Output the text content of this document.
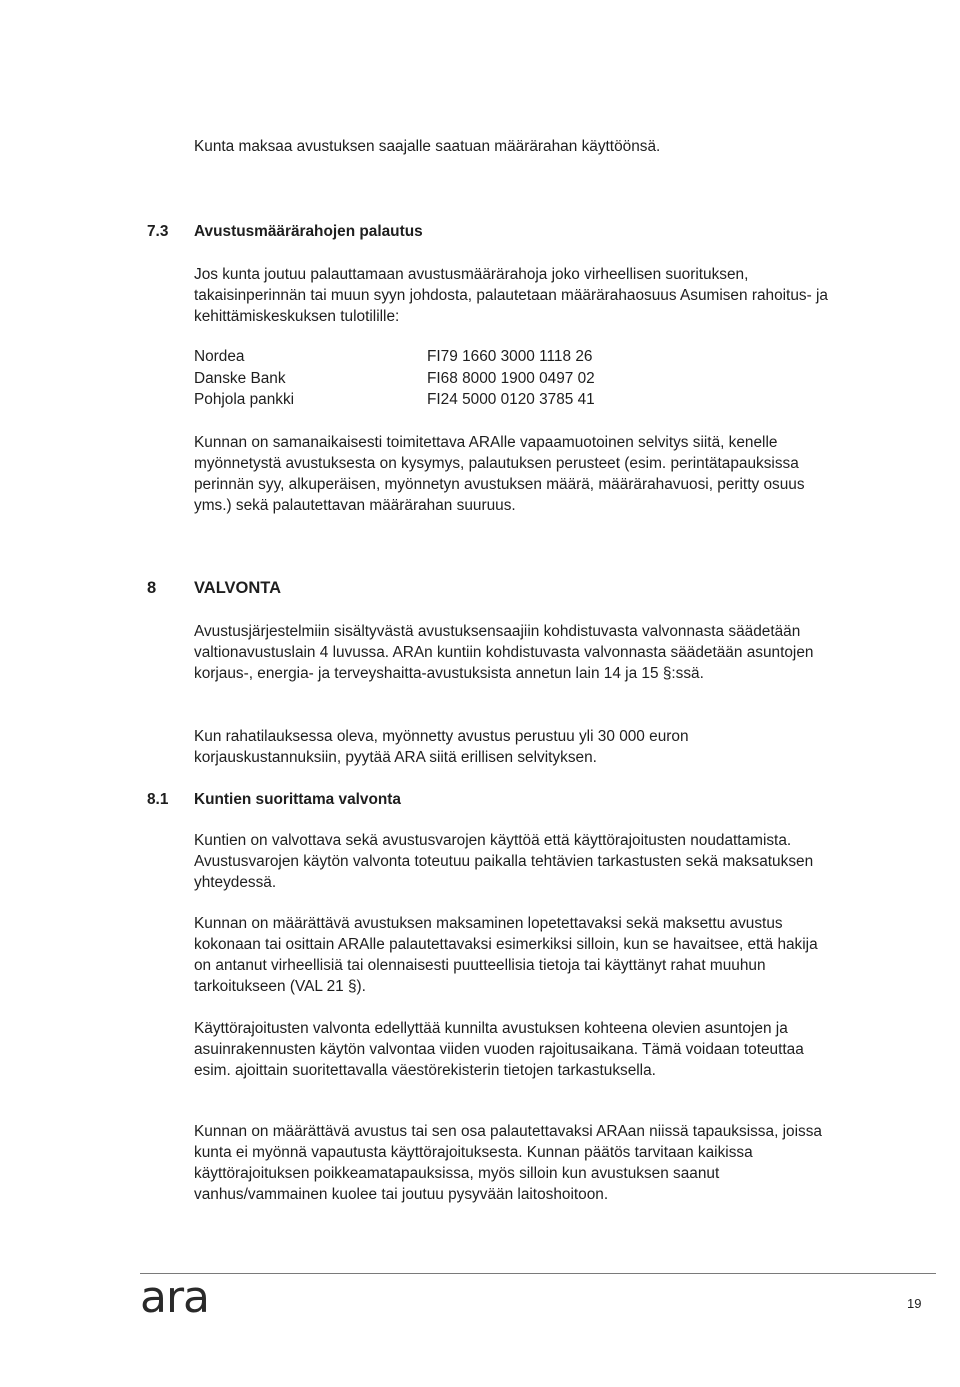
Kunta maksaa avustuksen saajalle saatuan määrärahan käyttöönsä.

7.3 Avustusmäärärahojen palautus

Jos kunta joutuu palauttamaan avustusmäärärahoja joko virheellisen suorituksen, takaisinperinnän tai muun syyn johdosta, palautetaan määrärahaosuus Asumisen rahoitus- ja kehittämiskeskuksen tulotilille:

Nordea	FI79 1660 3000 1118 26
Danske Bank	FI68 8000 1900 0497 02
Pohjola pankki	FI24 5000 0120 3785 41

Kunnan on samanaikaisesti toimitettava ARAlle vapaamuotoinen selvitys siitä, kenelle myönnetystä avustuksesta on kysymys, palautuksen perusteet (esim. perintätapauksissa perinnän syy, alkuperäisen, myönnetyn avustuksen määrä, määrärahavuosi, peritty osuus yms.) sekä palautettavan määrärahan suuruus.

8 VALVONTA

Avustusjärjestelmiin sisältyvästä avustuksensaajiin kohdistuvasta valvonnasta säädetään valtionavustuslain 4 luvussa. ARAn kuntiin kohdistuvasta valvonnasta säädetään asuntojen korjaus-, energia- ja terveyshaitta-avustuksista annetun lain 14 ja 15 §:ssä.

Kun rahatilauksessa oleva, myönnetty avustus perustuu yli 30 000 euron korjauskustannuksiin, pyytää ARA siitä erillisen selvityksen.

8.1 Kuntien suorittama valvonta

Kuntien on valvottava sekä avustusvarojen käyttöä että käyttörajoitusten noudattamista. Avustusvarojen käytön valvonta toteutuu paikalla tehtävien tarkastusten sekä maksatuksen yhteydessä.

Kunnan on määrättävä avustuksen maksaminen lopetettavaksi sekä maksettu avustus kokonaan tai osittain ARAlle palautettavaksi esimerkiksi silloin, kun se havaitsee, että hakija on antanut virheellisiä tai olennaisesti puutteellisia tietoja tai käyttänyt rahat muuhun tarkoitukseen (VAL 21 §).

Käyttörajoitusten valvonta edellyttää kunnilta avustuksen kohteena olevien asuntojen ja asuinrakennusten käytön valvontaa viiden vuoden rajoitusaikana. Tämä voidaan toteuttaa esim. ajoittain suoritettavalla väestörekisterin tietojen tarkastuksella.

Kunnan on määrättävä avustus tai sen osa palautettavaksi ARAan niissä tapauksissa, joissa kunta ei myönnä vapautusta käyttörajoituksesta. Kunnan päätös tarvitaan kaikissa käyttörajoituksen poikkeamatapauksissa, myös silloin kun avustuksen saanut vanhus/vammainen kuolee tai joutuu pysyvään laitoshoitoon.

ara	19
